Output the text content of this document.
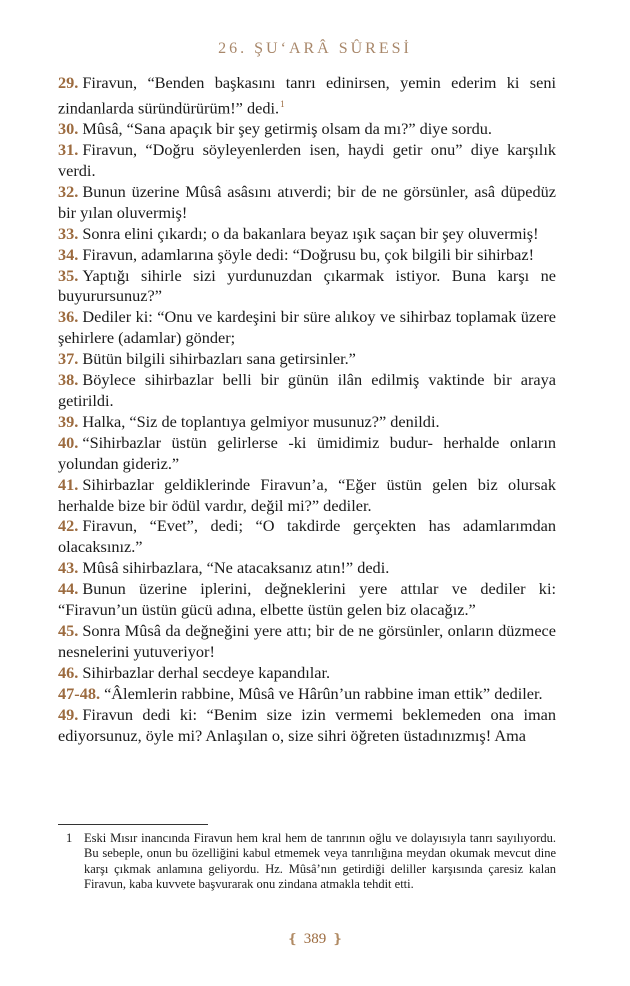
26. ŞU‘ARÂ SÛRESİ

29. Firavun, “Benden başkasını tanrı edinirsen, yemin ederim ki seni zindanlarda süründürürüm!” dedi.$^1$

30. Mûsâ, “Sana apaçık bir şey getirmiş olsam da mı?” diye sordu.

31. Firavun, “Doğru söyleyenlerden isen, haydi getir onu” diye karşılık verdi.

32. Bunun üzerine Mûsâ asâsını atıverdi; bir de ne görsünler, asâ düpedüz bir yılan oluvermiş!

33. Sonra elini çıkardı; o da bakanlara beyaz ışık saçan bir şey oluvermiş!

34. Firavun, adamlarına şöyle dedi: “Doğrusu bu, çok bilgili bir sihirbaz!

35. Yaptığı sihirle sizi yurdunuzdan çıkarmak istiyor. Buna karşı ne buyurursunuz?”

36. Dediler ki: “Onu ve kardeşini bir süre alıkoy ve sihirbaz toplamak üzere şehirlere (adamlar) gönder;

37. Bütün bilgili sihirbazları sana getirsinler.”

38. Böylece sihirbazlar belli bir günün ilân edilmiş vaktinde bir araya getirildi.

39. Halka, “Siz de toplantıya gelmiyor musunuz?” denildi.

40. “Sihirbazlar üstün gelirlerse -ki ümidimiz budur- herhalde onların yolundan gideriz.”

41. Sihirbazlar geldiklerinde Firavun’a, “Eğer üstün gelen biz olursak herhalde bize bir ödül vardır, değil mi?” dediler.

42. Firavun, “Evet”, dedi; “O takdirde gerçekten has adamlarımdan olacaksınız.”

43. Mûsâ sihirbazlara, “Ne atacaksanız atın!” dedi.

44. Bunun üzerine iplerini, değneklerini yere attılar ve dediler ki: “Firavun’un üstün gücü adına, elbette üstün gelen biz olacağız.”

45. Sonra Mûsâ da değneğini yere attı; bir de ne görsünler, onların düzmece nesnelerini yutuveriyor!

46. Sihirbazlar derhal secdeye kapandılar.

47-48. “Âlemlerin rabbine, Mûsâ ve Hârûn’un rabbine iman ettik” dediler.

49. Firavun dedi ki: “Benim size izin vermemi beklemeden ona iman ediyorsunuz, öyle mi? Anlaşılan o, size sihri öğreten üstadınızmış! Ama

1 Eski Mısır inancında Firavun hem kral hem de tanrının oğlu ve dolayısıyla tanrı sayılıyordu. Bu sebeple, onun bu özelliğini kabul etmemek veya tanrılığına meydan okumak mevcut dine karşı çıkmak anlamına geliyordu. Hz. Mûsâ’nın getirdiği deliller karşısında çaresiz kalan Firavun, kaba kuvvete başvurarak onu zindana atmakla tehdit etti.
❴ 389 ❵
